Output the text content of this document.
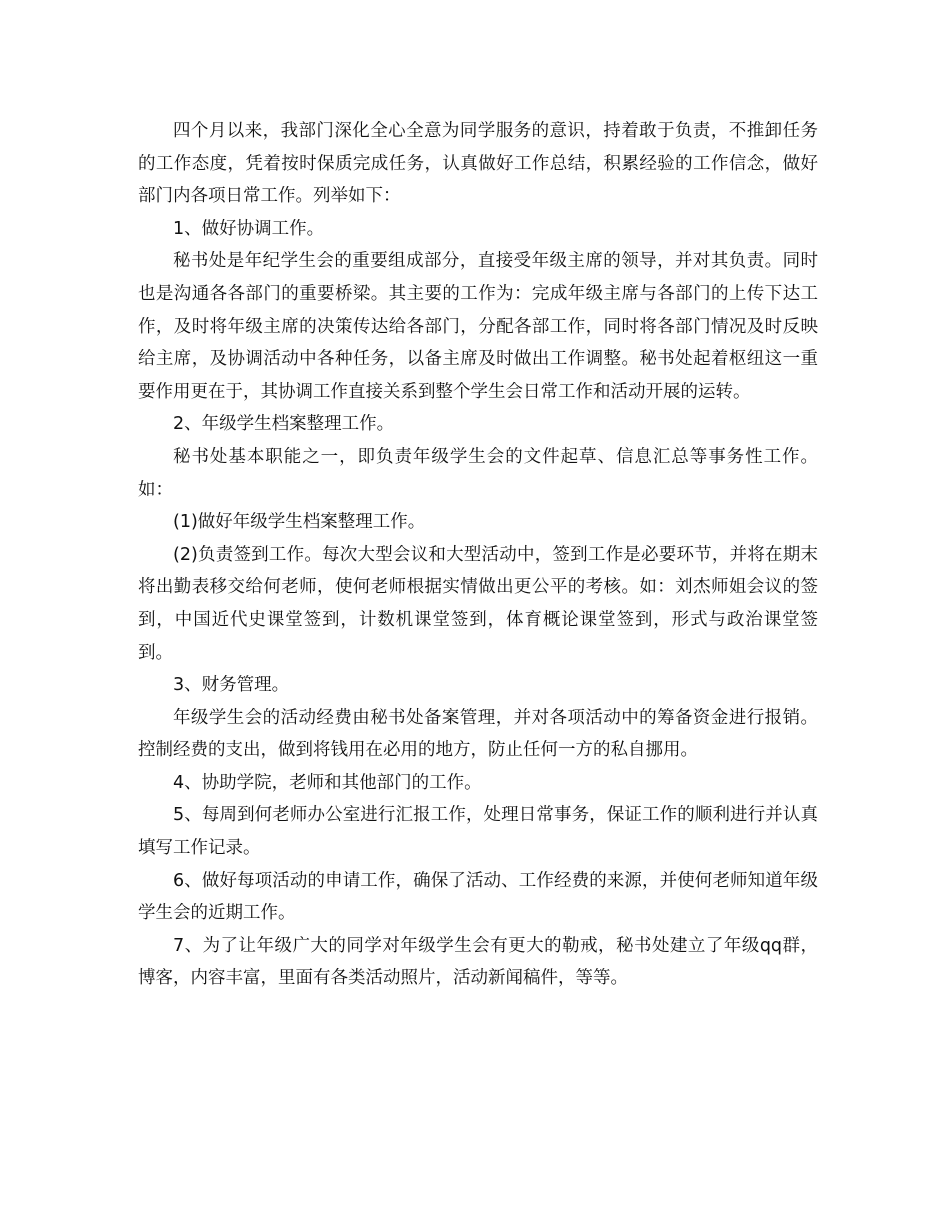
四个月以来，我部门深化全心全意为同学服务的意识，持着敢于负责，不推卸任务的工作态度，凭着按时保质完成任务，认真做好工作总结，积累经验的工作信念，做好部门内各项日常工作。列举如下：

1、做好协调工作。

秘书处是年纪学生会的重要组成部分，直接受年级主席的领导，并对其负责。同时也是沟通各各部门的重要桥梁。其主要的工作为：完成年级主席与各部门的上传下达工作，及时将年级主席的决策传达给各部门，分配各部工作，同时将各部门情况及时反映给主席，及协调活动中各种任务，以备主席及时做出工作调整。秘书处起着枢纽这一重要作用更在于，其协调工作直接关系到整个学生会日常工作和活动开展的运转。

2、年级学生档案整理工作。

秘书处基本职能之一，即负责年级学生会的文件起草、信息汇总等事务性工作。如：

(1)做好年级学生档案整理工作。

(2)负责签到工作。每次大型会议和大型活动中，签到工作是必要环节，并将在期末将出勤表移交给何老师，使何老师根据实情做出更公平的考核。如：刘杰师姐会议的签到，中国近代史课堂签到，计数机课堂签到，体育概论课堂签到，形式与政治课堂签到。

3、财务管理。

年级学生会的活动经费由秘书处备案管理，并对各项活动中的筹备资金进行报销。控制经费的支出，做到将钱用在必用的地方，防止任何一方的私自挪用。

4、协助学院，老师和其他部门的工作。

5、每周到何老师办公室进行汇报工作，处理日常事务，保证工作的顺利进行并认真填写工作记录。

6、做好每项活动的申请工作，确保了活动、工作经费的来源，并使何老师知道年级学生会的近期工作。

7、为了让年级广大的同学对年级学生会有更大的勒戒，秘书处建立了年级qq群，博客，内容丰富，里面有各类活动照片，活动新闻稿件，等等。
